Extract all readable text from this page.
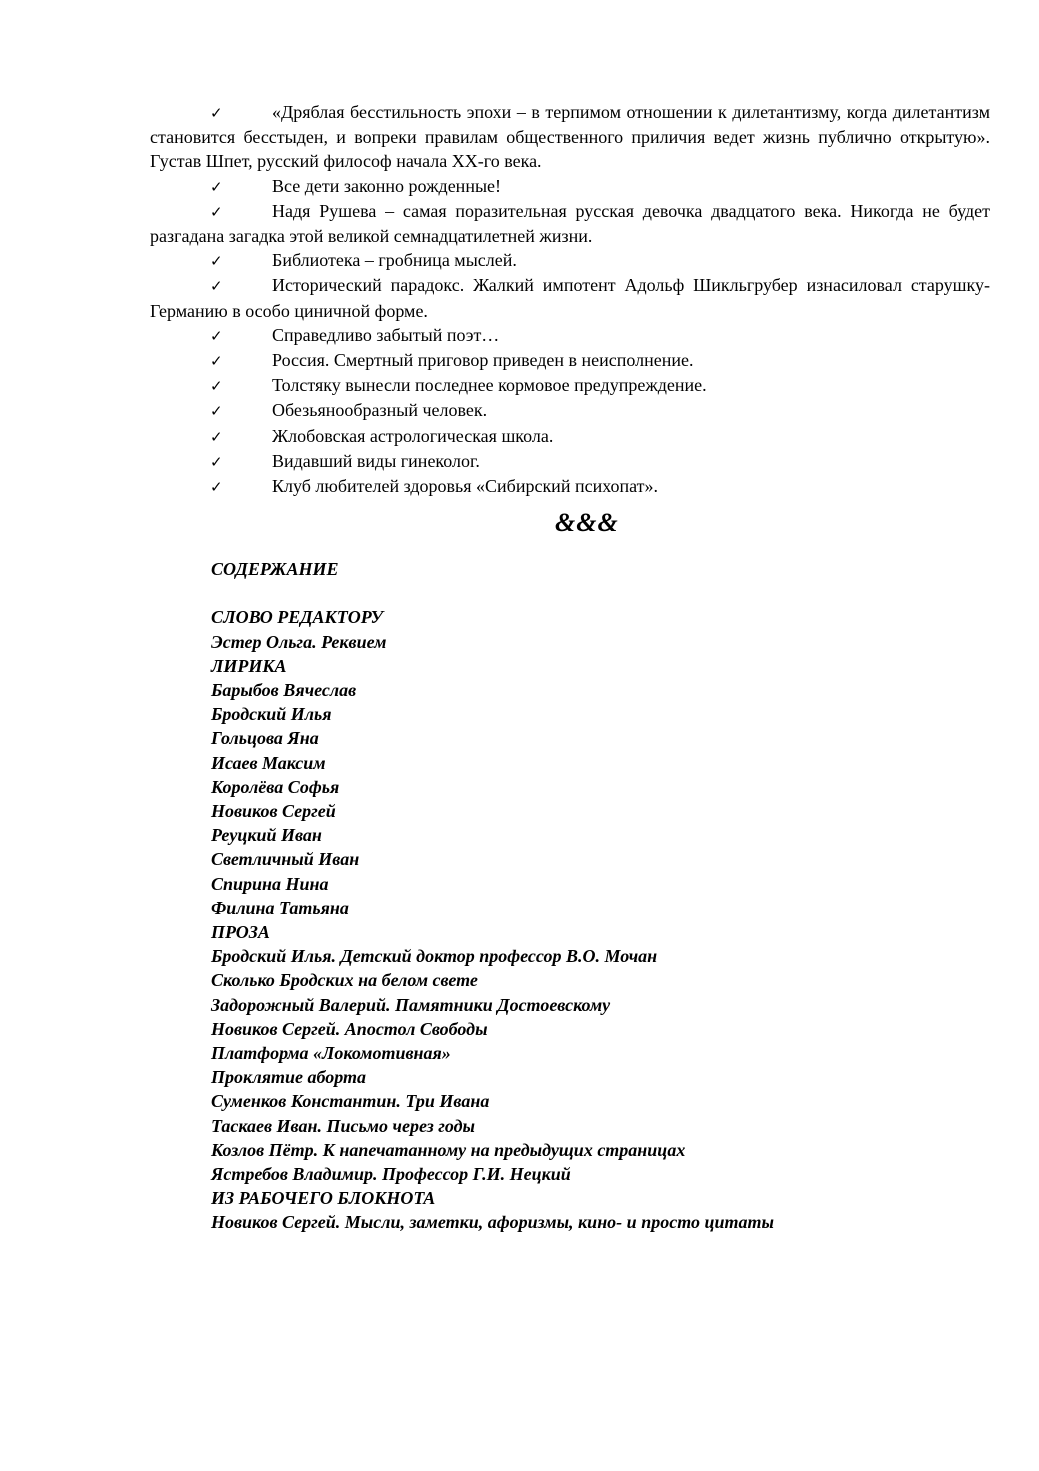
✓	«Дряблая бесстильность эпохи – в терпимом отношении к дилетантизму, когда дилетантизм становится бесстыден, и вопреки правилам общественного приличия ведет жизнь публично открытую». Густав Шпет, русский философ начала XX-го века.

✓	Все дети законно рожденные!

✓	Надя Рушева – самая поразительная русская девочка двадцатого века. Никогда не будет разгадана загадка этой великой семнадцатилетней жизни.

✓	Библиотека – гробница мыслей.

✓	Исторический парадокс. Жалкий импотент Адольф Шикльгрубер изнасиловал старушку-Германию в особо циничной форме.

✓	Справедливо забытый поэт…

✓	Россия. Смертный приговор приведен в неисполнение.

✓	Толстяку вынесли последнее кормовое предупреждение.

✓	Обезьянообразный человек.

✓	Жлобовская астрологическая школа.

✓	Видавший виды гинеколог.

✓	Клуб любителей здоровья «Сибирский психопат».

&&&

СОДЕРЖАНИЕ

СЛОВО РЕДАКТОРУ
Эстер Ольга. Реквием
ЛИРИКА
Барыбов Вячеслав
Бродский Илья
Гольцова Яна
Исаев Максим
Королёва Софья
Новиков Сергей
Реуцкий Иван
Светличный Иван
Спирина Нина
Филина Татьяна
ПРОЗА
Бродский Илья. Детский доктор профессор В.О. Мочан
Сколько Бродских на белом свете
Задорожный Валерий. Памятники Достоевскому
Новиков Сергей. Апостол Свободы
Платформа «Локомотивная»
Проклятие аборта
Суменков Константин. Три Ивана
Таскаев Иван. Письмо через годы
Козлов Пётр. К напечатанному на предыдущих страницах
Ястребов Владимир. Профессор Г.И. Нецкий
ИЗ РАБОЧЕГО БЛОКНОТА
Новиков Сергей. Мысли, заметки, афоризмы, кино- и просто цитаты
